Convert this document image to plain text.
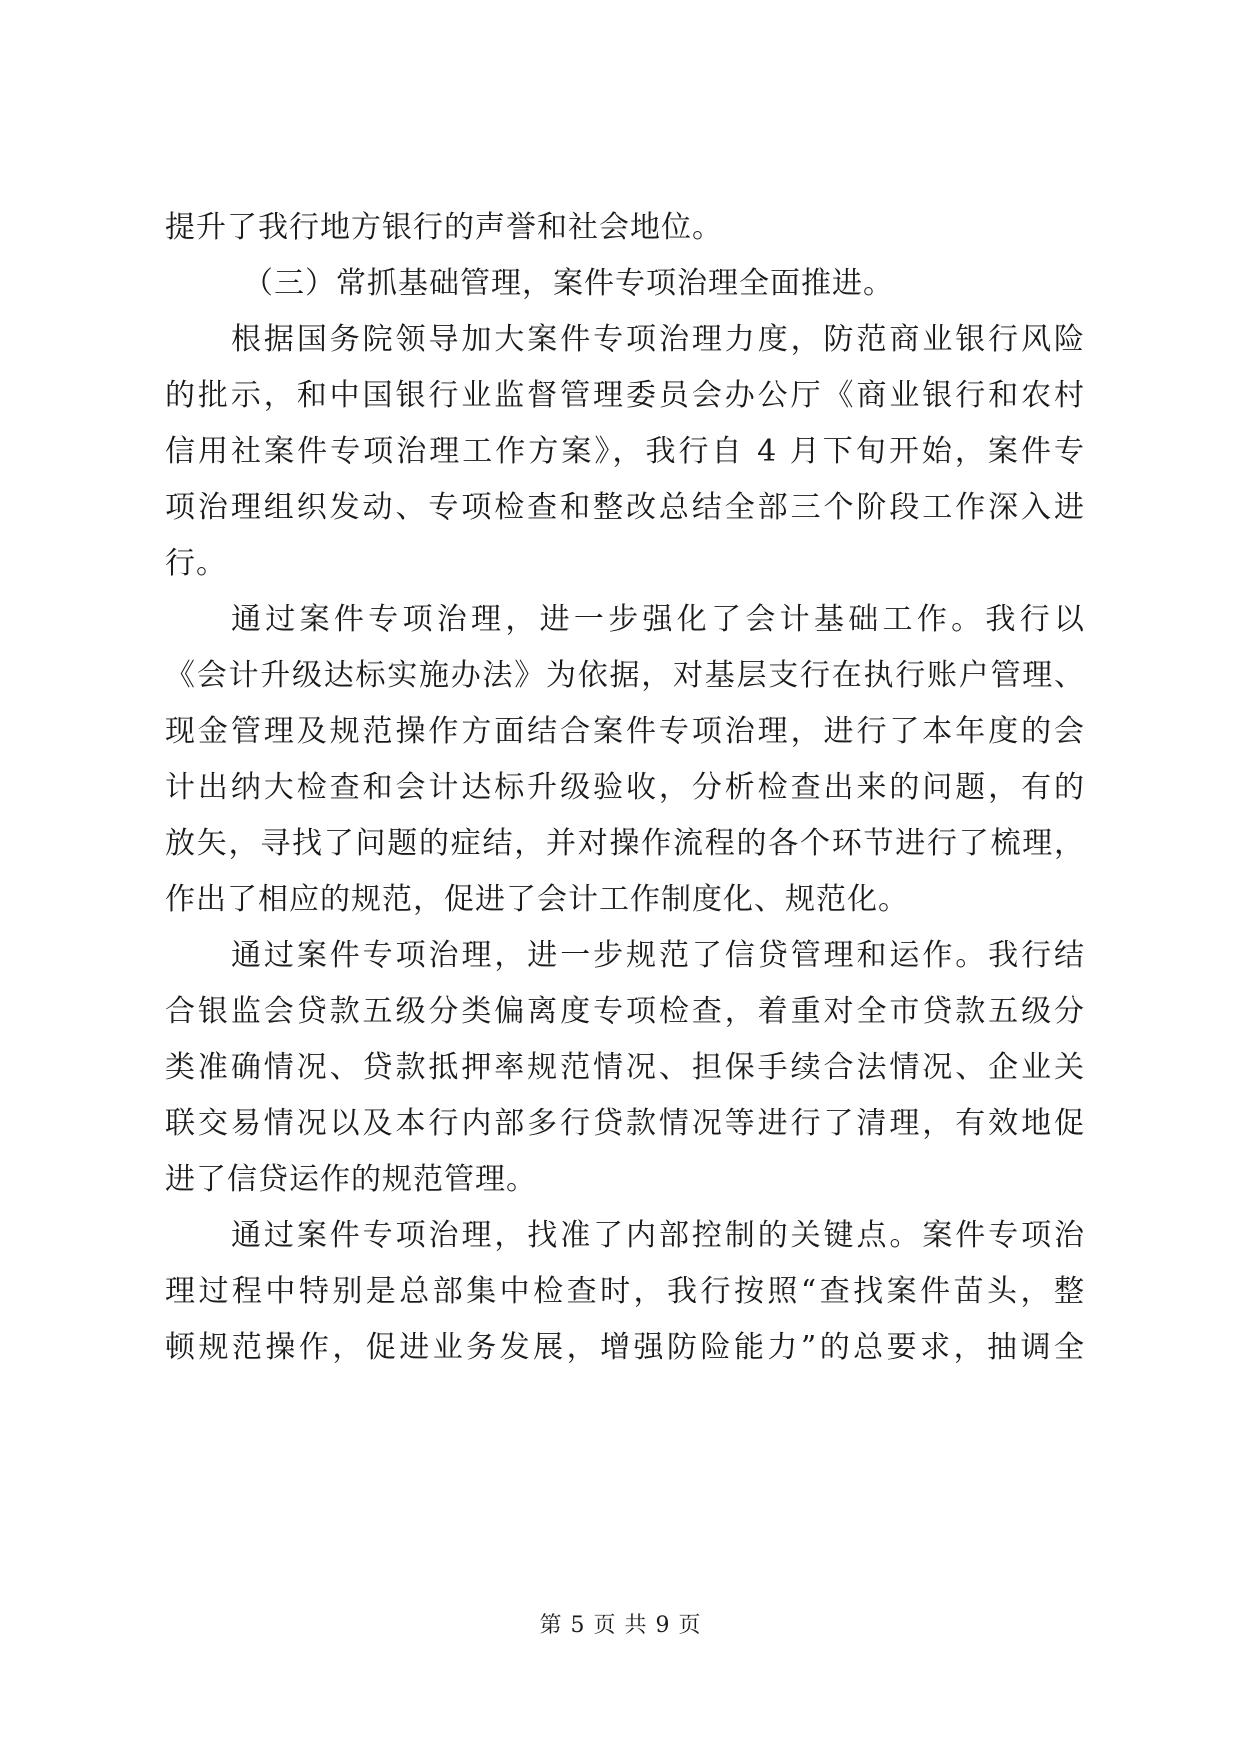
提升了我行地方银行的声誉和社会地位。
（三）常抓基础管理，案件专项治理全面推进。
根据国务院领导加大案件专项治理力度，防范商业银行风险
的批示，和中国银行业监督管理委员会办公厅《商业银行和农村
信用社案件专项治理工作方案》，我行自 4 月下旬开始，案件专
项治理组织发动、专项检查和整改总结全部三个阶段工作深入进
行。
通过案件专项治理，进一步强化了会计基础工作。我行以
《会计升级达标实施办法》为依据，对基层支行在执行账户管理、
现金管理及规范操作方面结合案件专项治理，进行了本年度的会
计出纳大检查和会计达标升级验收，分析检查出来的问题，有的
放矢，寻找了问题的症结，并对操作流程的各个环节进行了梳理，
作出了相应的规范，促进了会计工作制度化、规范化。
通过案件专项治理，进一步规范了信贷管理和运作。我行结
合银监会贷款五级分类偏离度专项检查，着重对全市贷款五级分
类准确情况、贷款抵押率规范情况、担保手续合法情况、企业关
联交易情况以及本行内部多行贷款情况等进行了清理，有效地促
进了信贷运作的规范管理。
通过案件专项治理，找准了内部控制的关键点。案件专项治
理过程中特别是总部集中检查时，我行按照“查找案件苗头，整
顿规范操作，促进业务发展，增强防险能力”的总要求，抽调全
第 5 页 共 9 页
